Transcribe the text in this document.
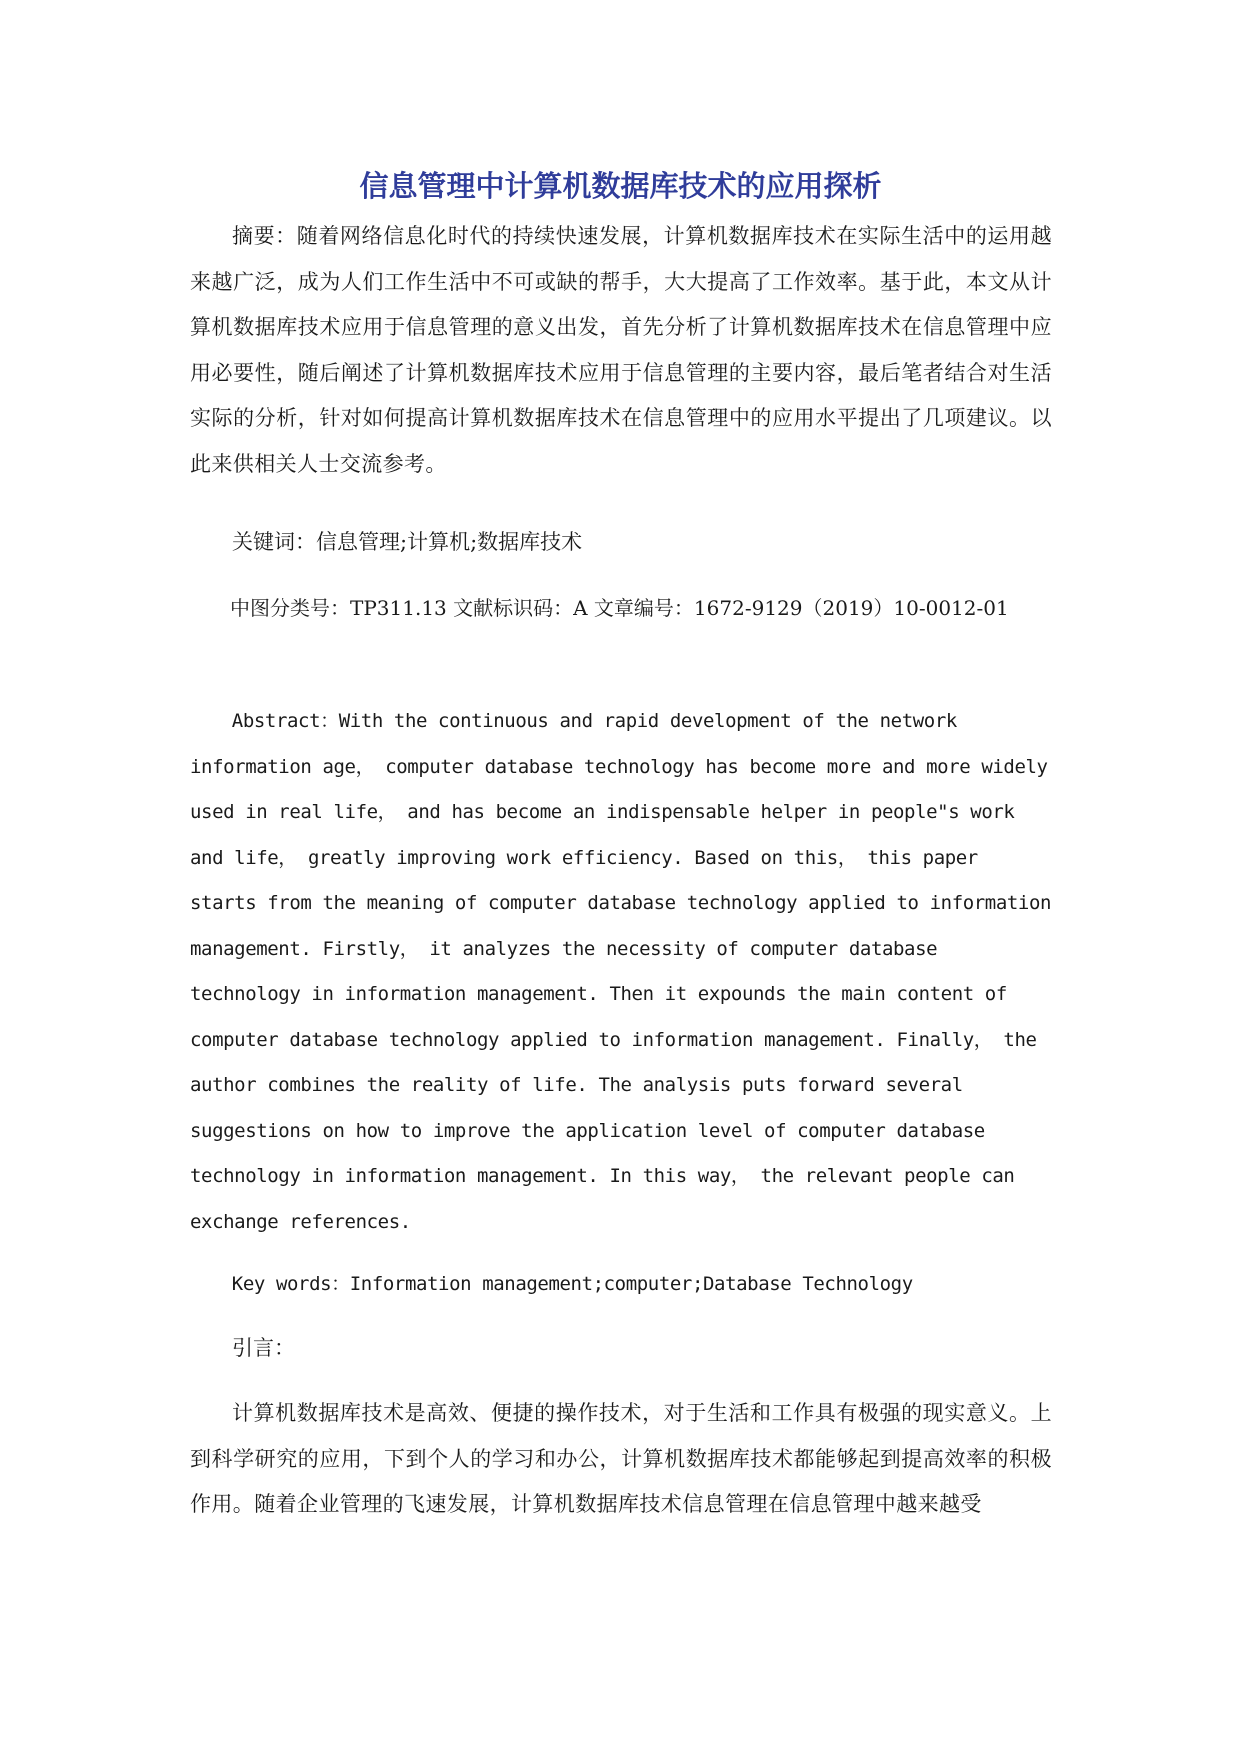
信息管理中计算机数据库技术的应用探析

摘要：随着网络信息化时代的持续快速发展，计算机数据库技术在实际生活中的运用越来越广泛，成为人们工作生活中不可或缺的帮手，大大提高了工作效率。基于此，本文从计算机数据库技术应用于信息管理的意义出发，首先分析了计算机数据库技术在信息管理中应用必要性，随后阐述了计算机数据库技术应用于信息管理的主要内容，最后笔者结合对生活实际的分析，针对如何提高计算机数据库技术在信息管理中的应用水平提出了几项建议。以此来供相关人士交流参考。

关键词：信息管理;计算机;数据库技术

中图分类号：TP311.13 文献标识码：A 文章编号：1672-9129（2019）10-0012-01

Abstract：With the continuous and rapid development of the network
information age， computer database technology has become more and more widely
used in real life， and has become an indispensable helper in people"s work
and life， greatly improving work efficiency. Based on this， this paper
starts from the meaning of computer database technology applied to information
management. Firstly， it analyzes the necessity of computer database
technology in information management. Then it expounds the main content of
computer database technology applied to information management. Finally， the
author combines the reality of life. The analysis puts forward several
suggestions on how to improve the application level of computer database
technology in information management. In this way， the relevant people can
exchange references.

Key words：Information management;computer;Database Technology

引言：

计算机数据库技术是高效、便捷的操作技术，对于生活和工作具有极强的现实意义。上到科学研究的应用，下到个人的学习和办公，计算机数据库技术都能够起到提高效率的积极作用。随着企业管理的飞速发展，计算机数据库技术信息管理在信息管理中越来越受
